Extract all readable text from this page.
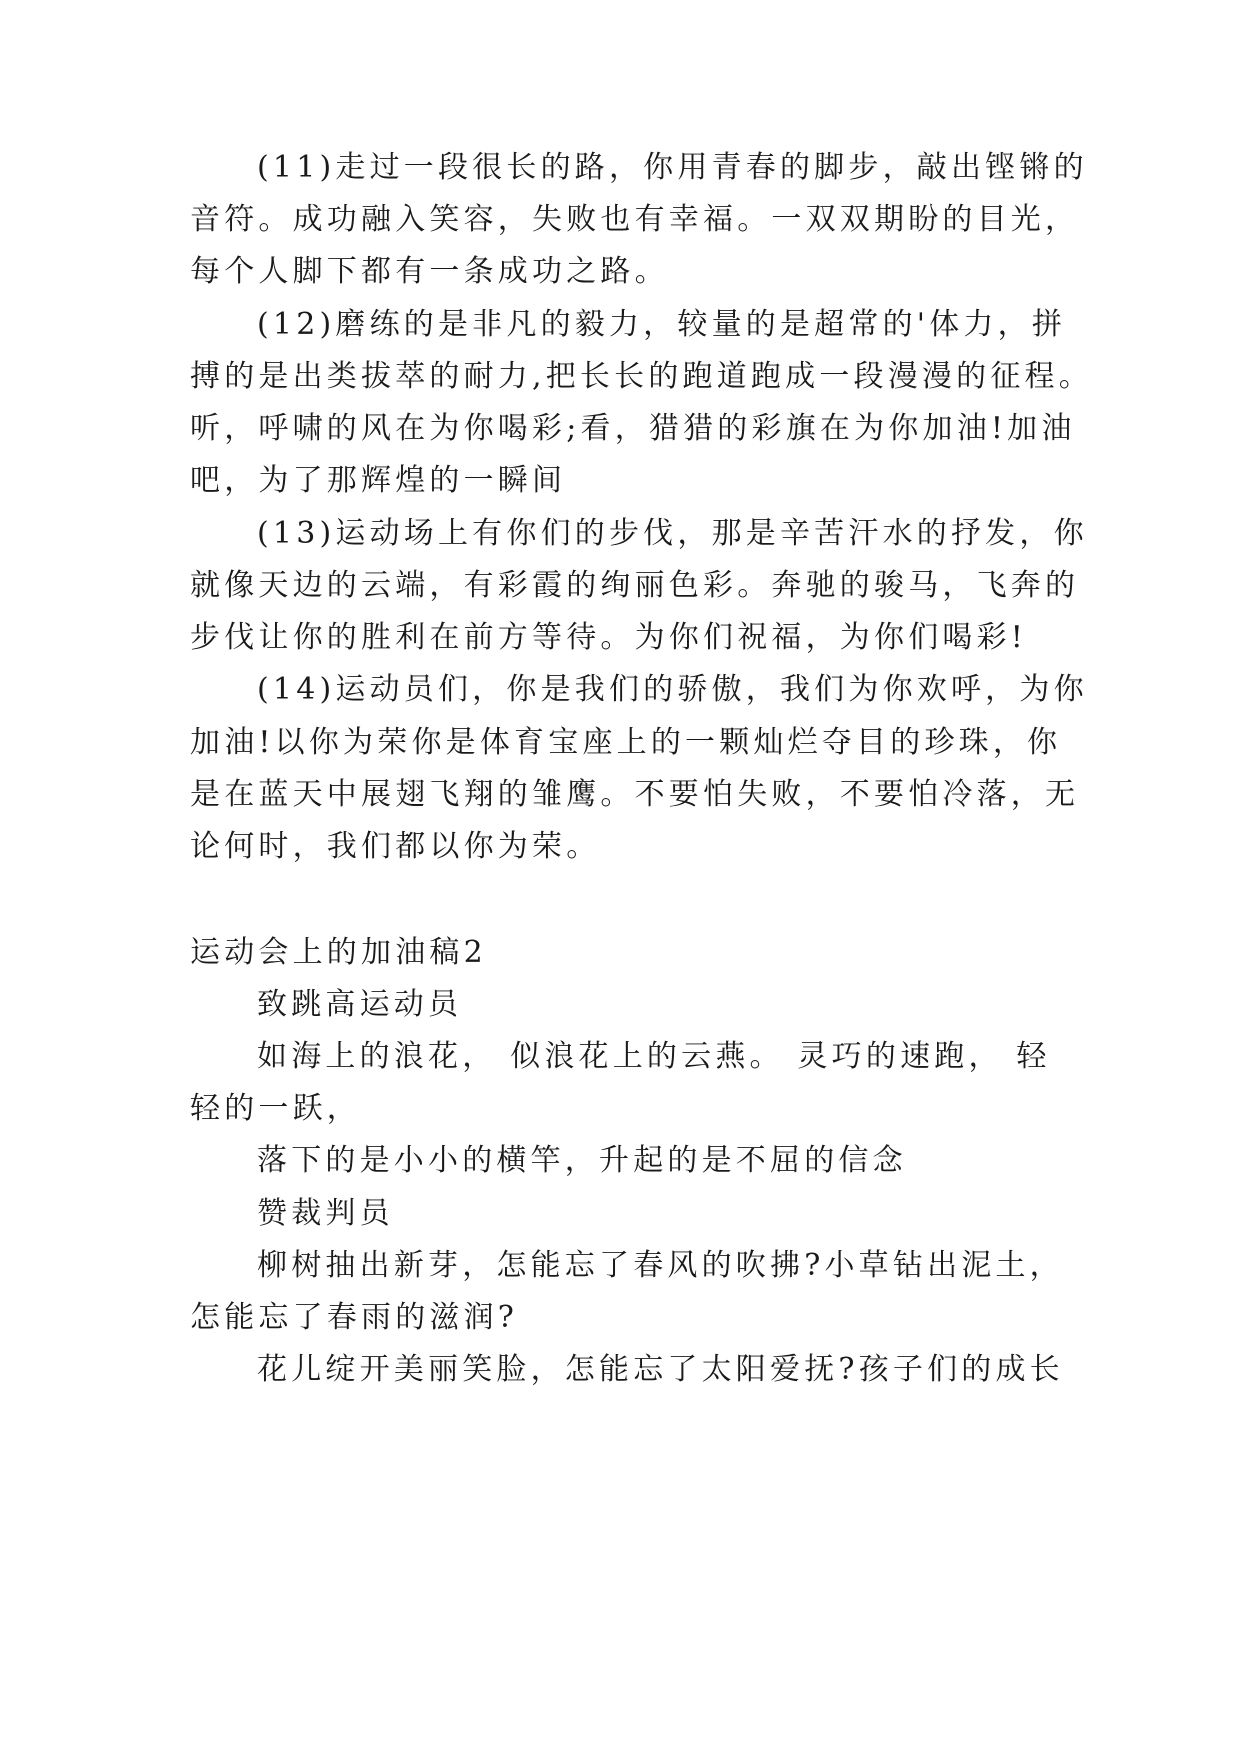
(11)走过一段很长的路，你用青春的脚步，敲出铿锵的
音符。成功融入笑容，失败也有幸福。一双双期盼的目光，
每个人脚下都有一条成功之路。
(12)磨练的是非凡的毅力，较量的是超常的'体力，拼
搏的是出类拔萃的耐力,把长长的跑道跑成一段漫漫的征程。
听，呼啸的风在为你喝彩;看，猎猎的彩旗在为你加油!加油
吧，为了那辉煌的一瞬间
(13)运动场上有你们的步伐，那是辛苦汗水的抒发，你
就像天边的云端，有彩霞的绚丽色彩。奔驰的骏马，飞奔的
步伐让你的胜利在前方等待。为你们祝福，为你们喝彩!
(14)运动员们，你是我们的骄傲，我们为你欢呼，为你
加油!以你为荣你是体育宝座上的一颗灿烂夺目的珍珠，你
是在蓝天中展翅飞翔的雏鹰。不要怕失败，不要怕冷落，无
论何时，我们都以你为荣。
运动会上的加油稿2
致跳高运动员
如海上的浪花， 似浪花上的云燕。 灵巧的速跑， 轻
轻的一跃，
落下的是小小的横竿，升起的是不屈的信念
赞裁判员
柳树抽出新芽，怎能忘了春风的吹拂?小草钻出泥土，
怎能忘了春雨的滋润?
花儿绽开美丽笑脸，怎能忘了太阳爱抚?孩子们的成长
